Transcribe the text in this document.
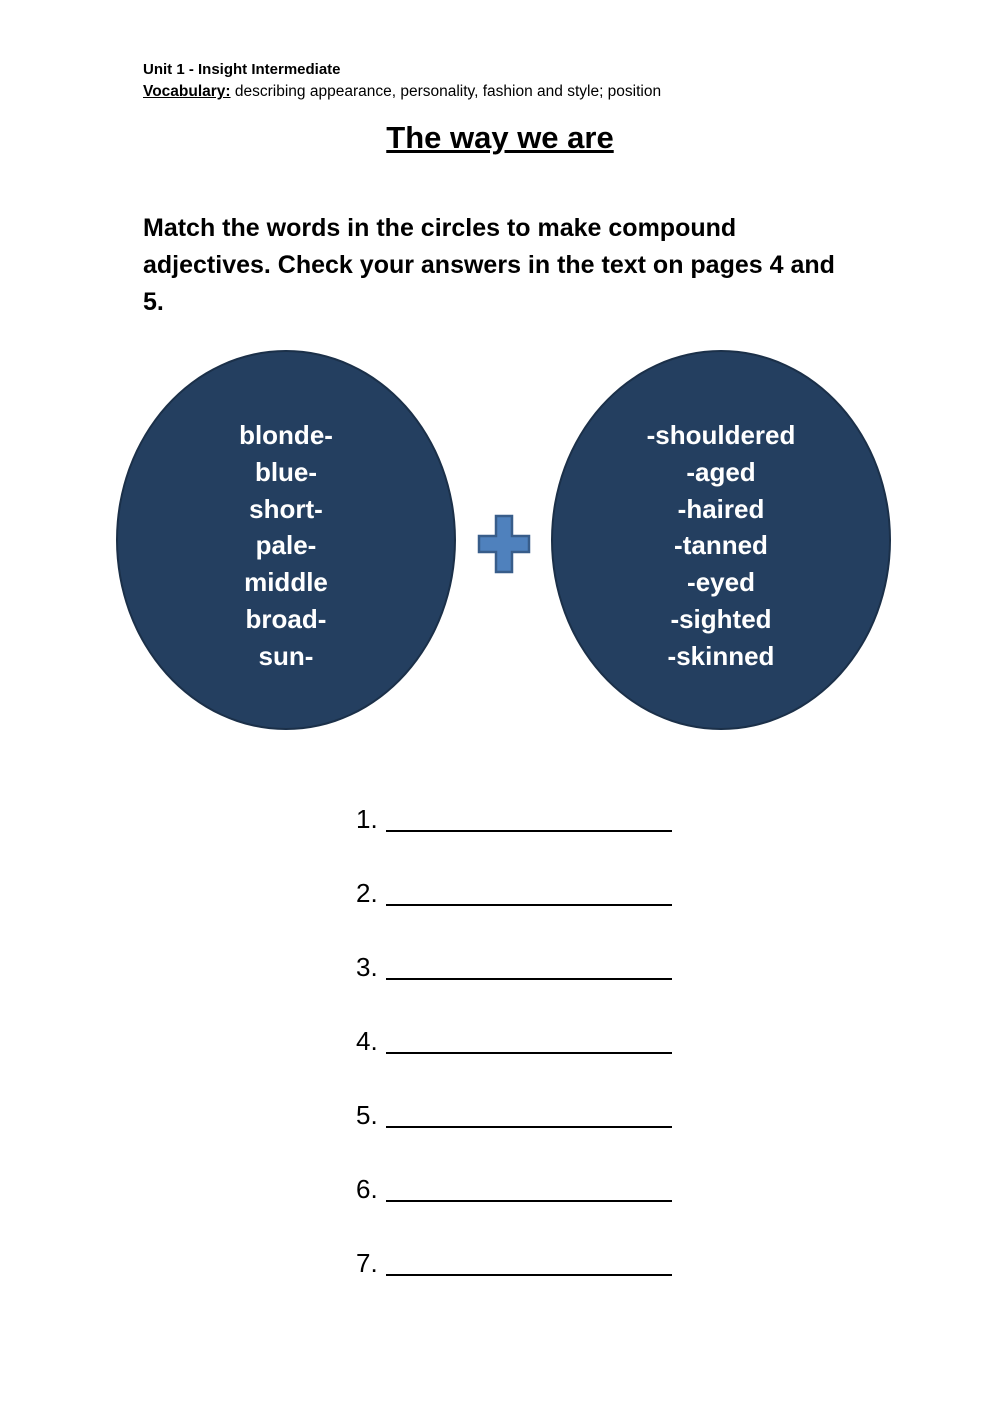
Unit 1 - Insight Intermediate
Vocabulary: describing appearance, personality, fashion and style; position
The way we are
Match the words in the circles to make compound adjectives. Check your answers in the text on pages 4 and 5.
blonde-
blue-
short-
pale-
middle
broad-
sun-
-shouldered
-aged
-haired
-tanned
-eyed
-sighted
-skinned
1.
2.
3.
4.
5.
6.
7.
